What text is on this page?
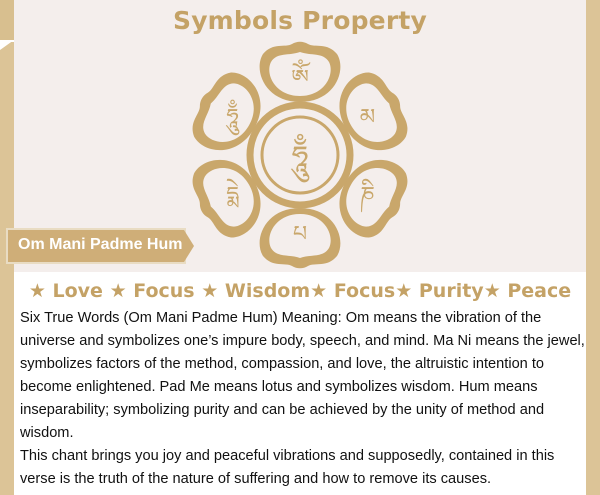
Symbols Property
ཨོཾ
མ
ཎི
པ
དྨེ
ཧཱུྃ
ཧཱུྃ
Om Mani Padme Hum
★ Love ★ Focus ★ Wisdom★ Focus★ Purity★ Peace

Six True Words (Om Mani Padme Hum) Meaning: Om means the vibration of the

universe and symbolizes one’s impure body, speech, and mind. Ma Ni means the jewel,

symbolizes factors of the method, compassion, and love, the altruistic intention to

become enlightened. Pad Me means lotus and symbolizes wisdom. Hum means

inseparability; symbolizing purity and can be achieved by the unity of method and

wisdom.

This chant brings you joy and peaceful vibrations and supposedly, contained in this

verse is the truth of the nature of suffering and how to remove its causes.
